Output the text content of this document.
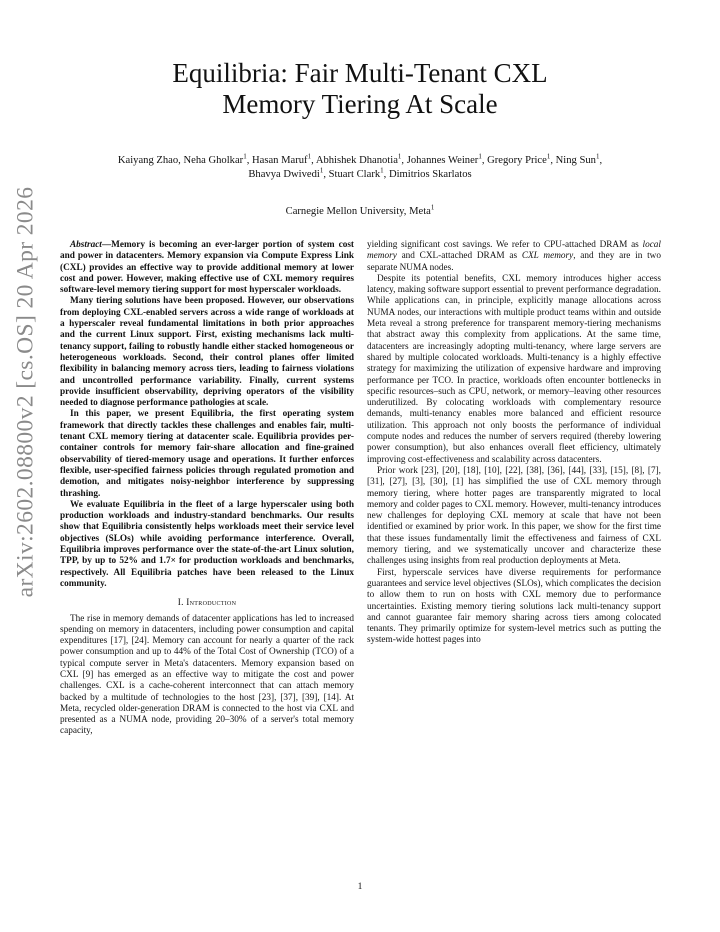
arXiv:2602.08800v2 [cs.OS] 20 Apr 2026
Equilibria: Fair Multi-Tenant CXL
Memory Tiering At Scale
Kaiyang Zhao, Neha Gholkar$^1$, Hasan Maruf$^1$, Abhishek Dhanotia$^1$, Johannes Weiner$^1$, Gregory Price$^1$, Ning Sun$^1$,
Bhavya Dwivedi$^1$, Stuart Clark$^1$, Dimitrios Skarlatos
Carnegie Mellon University, Meta$^1$

Abstract—Memory is becoming an ever-larger portion of system cost and power in datacenters. Memory expansion via Compute Express Link (CXL) provides an effective way to provide additional memory at lower cost and power. However, making effective use of CXL memory requires software-level memory tiering support for most hyperscaler workloads.

Many tiering solutions have been proposed. However, our observations from deploying CXL-enabled servers across a wide range of workloads at a hyperscaler reveal fundamental limitations in both prior approaches and the current Linux support. First, existing mechanisms lack multi-tenancy support, failing to robustly handle either stacked homogeneous or heterogeneous workloads. Second, their control planes offer limited flexibility in balancing memory across tiers, leading to fairness violations and uncontrolled performance variability. Finally, current systems provide insufficient observability, depriving operators of the visibility needed to diagnose performance pathologies at scale.

In this paper, we present Equilibria, the first operating system framework that directly tackles these challenges and enables fair, multi-tenant CXL memory tiering at datacenter scale. Equilibria provides per-container controls for memory fair-share allocation and fine-grained observability of tiered-memory usage and operations. It further enforces flexible, user-specified fairness policies through regulated promotion and demotion, and mitigates noisy-neighbor interference by suppressing thrashing.

We evaluate Equilibria in the fleet of a large hyperscaler using both production workloads and industry-standard benchmarks. Our results show that Equilibria consistently helps workloads meet their service level objectives (SLOs) while avoiding performance interference. Overall, Equilibria improves performance over the state-of-the-art Linux solution, TPP, by up to 52% and 1.7× for production workloads and benchmarks, respectively. All Equilibria patches have been released to the Linux community.

I. Introduction

The rise in memory demands of datacenter applications has led to increased spending on memory in datacenters, including power consumption and capital expenditures [17], [24]. Memory can account for nearly a quarter of the rack power consumption and up to 44% of the Total Cost of Ownership (TCO) of a typical compute server in Meta's datacenters. Memory expansion based on CXL [9] has emerged as an effective way to mitigate the cost and power challenges. CXL is a cache-coherent interconnect that can attach memory backed by a multitude of technologies to the host [23], [37], [39], [14]. At Meta, recycled older-generation DRAM is connected to the host via CXL and presented as a NUMA node, providing 20–30% of a server's total memory capacity,

yielding significant cost savings. We refer to CPU-attached DRAM as local memory and CXL-attached DRAM as CXL memory, and they are in two separate NUMA nodes.

Despite its potential benefits, CXL memory introduces higher access latency, making software support essential to prevent performance degradation. While applications can, in principle, explicitly manage allocations across NUMA nodes, our interactions with multiple product teams within and outside Meta reveal a strong preference for transparent memory-tiering mechanisms that abstract away this complexity from applications. At the same time, datacenters are increasingly adopting multi-tenancy, where large servers are shared by multiple colocated workloads. Multi-tenancy is a highly effective strategy for maximizing the utilization of expensive hardware and improving performance per TCO. In practice, workloads often encounter bottlenecks in specific resources–such as CPU, network, or memory–leaving other resources underutilized. By colocating workloads with complementary resource demands, multi-tenancy enables more balanced and efficient resource utilization. This approach not only boosts the performance of individual compute nodes and reduces the number of servers required (thereby lowering power consumption), but also enhances overall fleet efficiency, ultimately improving cost-effectiveness and scalability across datacenters.

Prior work [23], [20], [18], [10], [22], [38], [36], [44], [33], [15], [8], [7], [31], [27], [3], [30], [1] has simplified the use of CXL memory through memory tiering, where hotter pages are transparently migrated to local memory and colder pages to CXL memory. However, multi-tenancy introduces new challenges for deploying CXL memory at scale that have not been identified or examined by prior work. In this paper, we show for the first time that these issues fundamentally limit the effectiveness and fairness of CXL memory tiering, and we systematically uncover and characterize these challenges using insights from real production deployments at Meta.

First, hyperscale services have diverse requirements for performance guarantees and service level objectives (SLOs), which complicates the decision to allow them to run on hosts with CXL memory due to performance uncertainties. Existing memory tiering solutions lack multi-tenancy support and cannot guarantee fair memory sharing across tiers among colocated tenants. They primarily optimize for system-level metrics such as putting the system-wide hottest pages into

1
